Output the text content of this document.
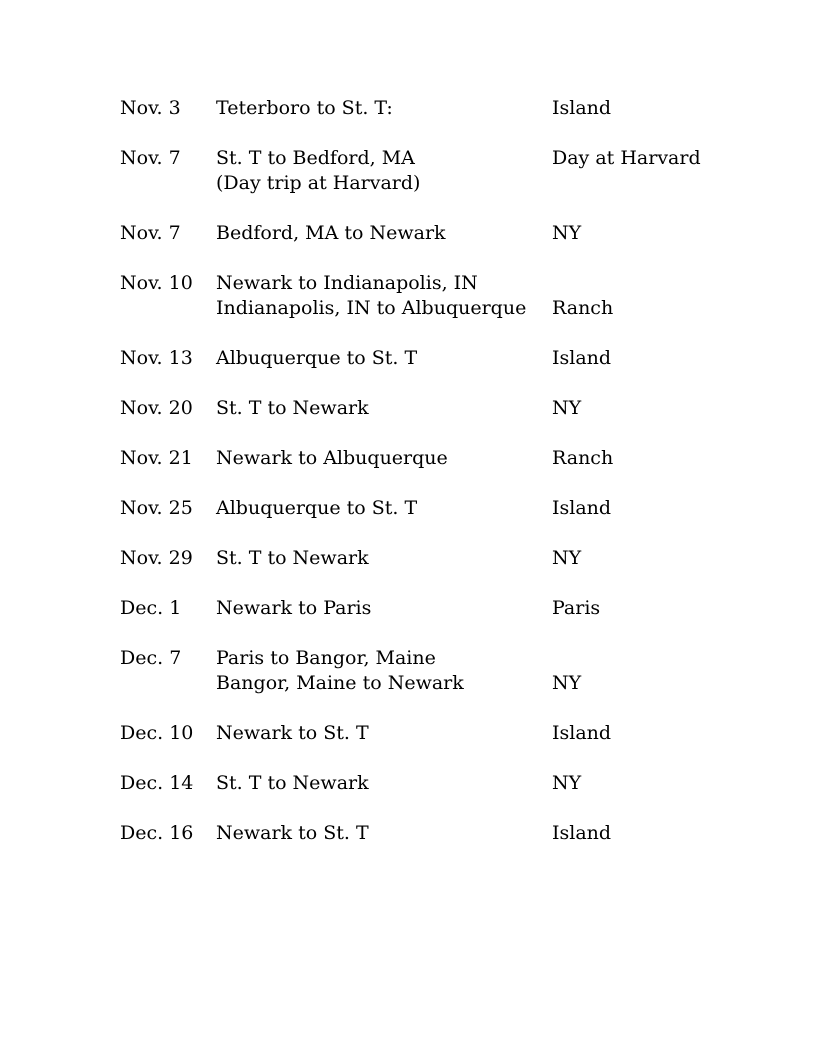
Nov. 3	Teterboro to St. T:	Island
Nov. 7	St. T to Bedford, MA	Day at Harvard
(Day trip at Harvard)
Nov. 7	Bedford, MA to Newark	NY
Nov. 10	Newark to Indianapolis, IN
Indianapolis, IN to Albuquerque	Ranch
Nov. 13	Albuquerque to St. T	Island
Nov. 20	St. T to Newark	NY
Nov. 21	Newark to Albuquerque	Ranch
Nov. 25	Albuquerque to St. T	Island
Nov. 29	St. T to Newark	NY
Dec. 1	Newark to Paris	Paris
Dec. 7	Paris to Bangor, Maine
Bangor, Maine to Newark	NY
Dec. 10	Newark to St. T	Island
Dec. 14	St. T to Newark	NY
Dec. 16	Newark to St. T	Island
